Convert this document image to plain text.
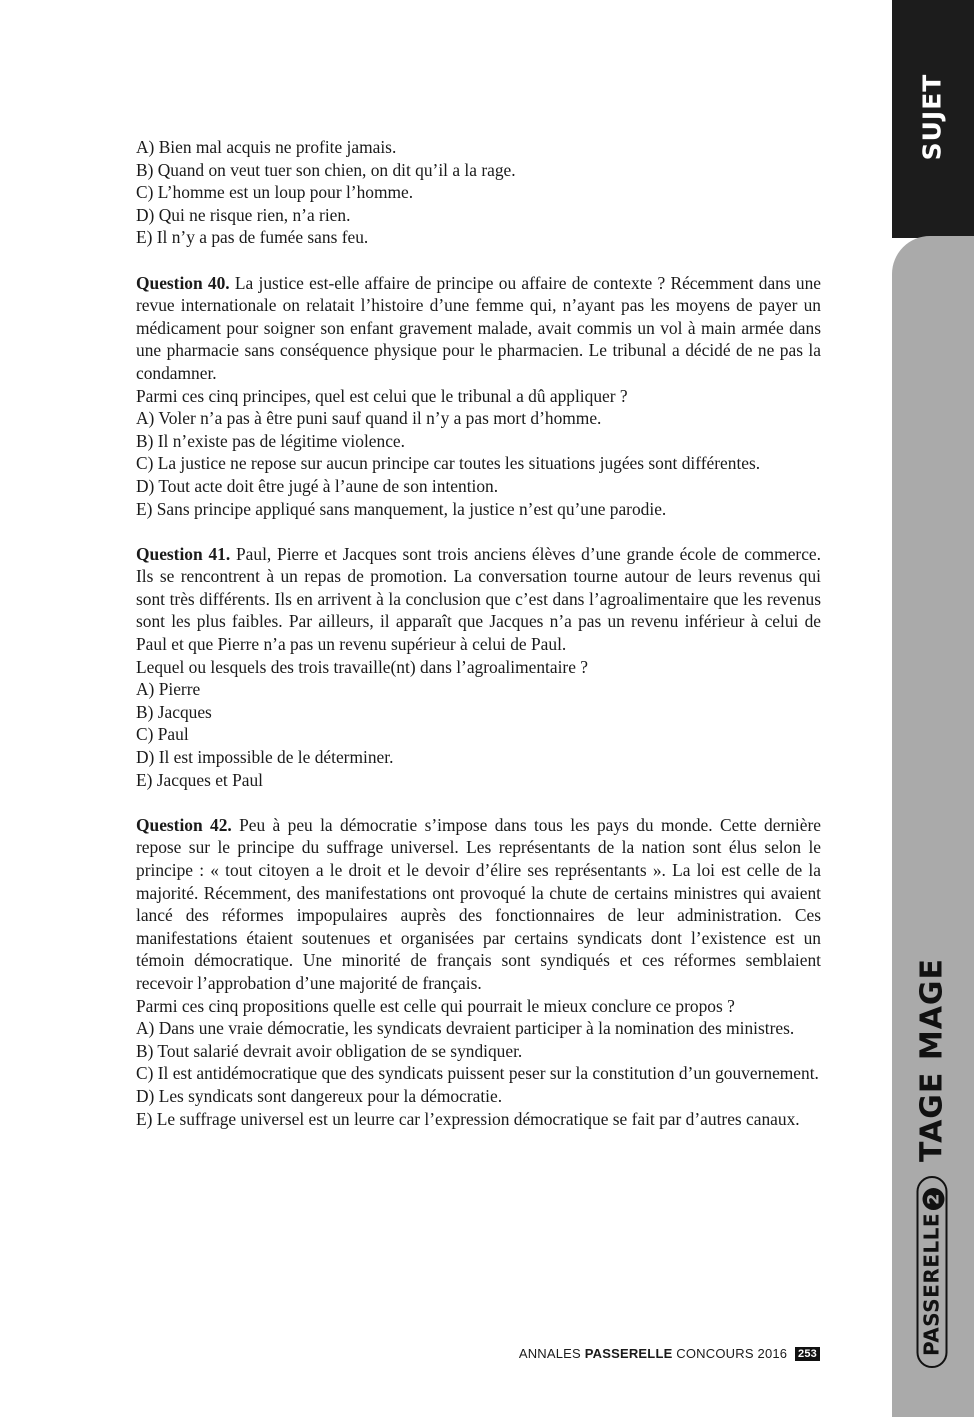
SUJET
TAGE MAGE
PASSERELLE2

A) Bien mal acquis ne profite jamais.

B) Quand on veut tuer son chien, on dit qu’il a la rage.

C) L’homme est un loup pour l’homme.

D) Qui ne risque rien, n’a rien.

E) Il n’y a pas de fumée sans feu.

Question 40. La justice est-elle affaire de principe ou affaire de contexte ? Récemment dans une revue internationale on relatait l’histoire d’une femme qui, n’ayant pas les moyens de payer un médicament pour soigner son enfant gravement malade, avait commis un vol à main armée dans une pharmacie sans conséquence physique pour le pharmacien. Le tribunal a décidé de ne pas la condamner.

Parmi ces cinq principes, quel est celui que le tribunal a dû appliquer ?

A) Voler n’a pas à être puni sauf quand il n’y a pas mort d’homme.

B) Il n’existe pas de légitime violence.

C) La justice ne repose sur aucun principe car toutes les situations jugées sont différentes.

D) Tout acte doit être jugé à l’aune de son intention.

E) Sans principe appliqué sans manquement, la justice n’est qu’une parodie.

Question 41. Paul, Pierre et Jacques sont trois anciens élèves d’une grande école de commerce. Ils se rencontrent à un repas de promotion. La conversation tourne autour de leurs revenus qui sont très différents. Ils en arrivent à la conclusion que c’est dans l’agroalimentaire que les revenus sont les plus faibles. Par ailleurs, il apparaît que Jacques n’a pas un revenu inférieur à celui de Paul et que Pierre n’a pas un revenu supérieur à celui de Paul.

Lequel ou lesquels des trois travaille(nt) dans l’agroalimentaire ?

A) Pierre

B) Jacques

C) Paul

D) Il est impossible de le déterminer.

E) Jacques et Paul

Question 42. Peu à peu la démocratie s’impose dans tous les pays du monde. Cette dernière repose sur le principe du suffrage universel. Les représentants de la nation sont élus selon le principe : « tout citoyen a le droit et le devoir d’élire ses représentants ». La loi est celle de la majorité. Récemment, des manifestations ont provoqué la chute de certains ministres qui avaient lancé des réformes impopulaires auprès des fonctionnaires de leur administration. Ces manifestations étaient soutenues et organisées par certains syndicats dont l’existence est un témoin démocratique. Une minorité de français sont syndiqués et ces réformes semblaient recevoir l’approbation d’une majorité de français.

Parmi ces cinq propositions quelle est celle qui pourrait le mieux conclure ce propos ?

A) Dans une vraie démocratie, les syndicats devraient participer à la nomination des ministres.

B) Tout salarié devrait avoir obligation de se syndiquer.

C) Il est antidémocratique que des syndicats puissent peser sur la constitution d’un gouvernement.

D) Les syndicats sont dangereux pour la démocratie.

E) Le suffrage universel est un leurre car l’expression démocratique se fait par d’autres canaux.

ANNALES PASSERELLE CONCOURS 2016 253
